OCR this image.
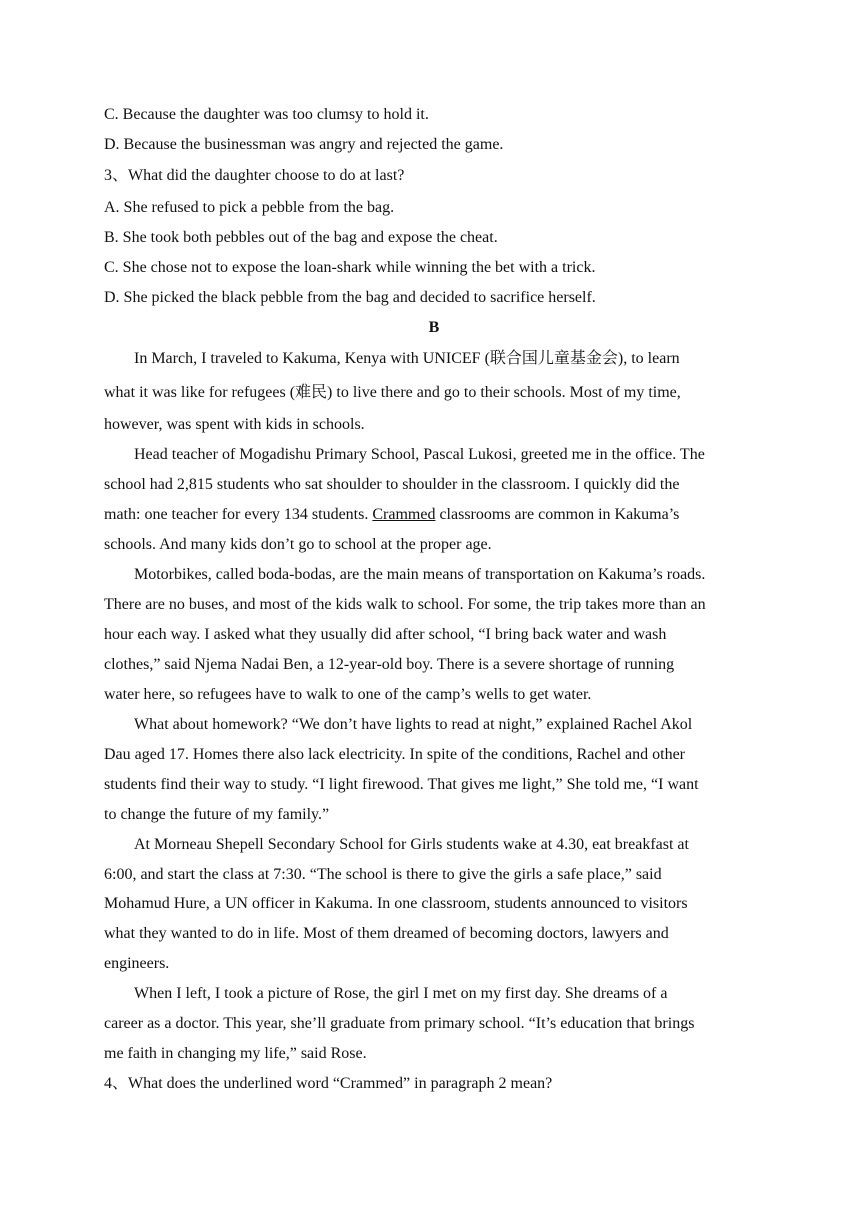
C. Because the daughter was too clumsy to hold it.
D. Because the businessman was angry and rejected the game.
3、What did the daughter choose to do at last?
A. She refused to pick a pebble from the bag.
B. She took both pebbles out of the bag and expose the cheat.
C. She chose not to expose the loan-shark while winning the bet with a trick.
D. She picked the black pebble from the bag and decided to sacrifice herself.
B
In March, I traveled to Kakuma, Kenya with UNICEF (联合国儿童基金会), to learn
what it was like for refugees (难民) to live there and go to their schools. Most of my time,
however, was spent with kids in schools.
Head teacher of Mogadishu Primary School, Pascal Lukosi, greeted me in the office. The
school had 2,815 students who sat shoulder to shoulder in the classroom. I quickly did the
math: one teacher for every 134 students. Crammed classrooms are common in Kakuma’s
schools. And many kids don’t go to school at the proper age.
Motorbikes, called boda-bodas, are the main means of transportation on Kakuma’s roads.
There are no buses, and most of the kids walk to school. For some, the trip takes more than an
hour each way. I asked what they usually did after school, “I bring back water and wash
clothes,” said Njema Nadai Ben, a 12-year-old boy. There is a severe shortage of running
water here, so refugees have to walk to one of the camp’s wells to get water.
What about homework? “We don’t have lights to read at night,” explained Rachel Akol
Dau aged 17. Homes there also lack electricity. In spite of the conditions, Rachel and other
students find their way to study. “I light firewood. That gives me light,” She told me, “I want
to change the future of my family.”
At Morneau Shepell Secondary School for Girls students wake at 4.30, eat breakfast at
6:00, and start the class at 7:30. “The school is there to give the girls a safe place,” said
Mohamud Hure, a UN officer in Kakuma. In one classroom, students announced to visitors
what they wanted to do in life. Most of them dreamed of becoming doctors, lawyers and
engineers.
When I left, I took a picture of Rose, the girl I met on my first day. She dreams of a
career as a doctor. This year, she’ll graduate from primary school. “It’s education that brings
me faith in changing my life,” said Rose.
4、What does the underlined word “Crammed” in paragraph 2 mean?
